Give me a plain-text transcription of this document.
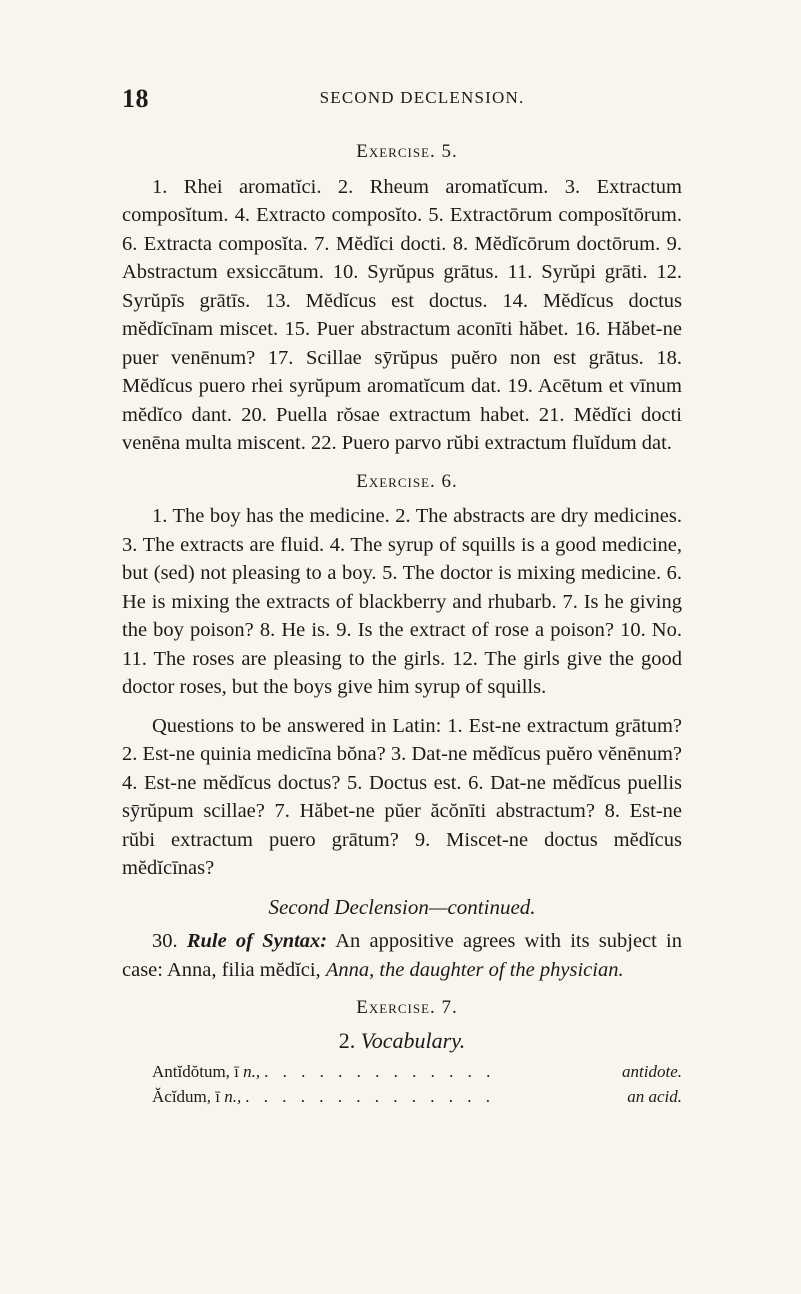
18	SECOND DECLENSION.
Exercise. 5.

1. Rhei aromatĭci. 2. Rheum aromatĭcum. 3. Extractum composĭtum. 4. Extracto composĭto. 5. Extractōrum composĭtōrum. 6. Extracta composĭta. 7. Mĕdĭci docti. 8. Mĕdĭcōrum doctōrum. 9. Abstractum exsiccātum. 10. Syrŭpus grātus. 11. Syrŭpi grāti. 12. Syrŭpīs grātīs. 13. Mĕdĭcus est doctus. 14. Mĕdĭcus doctus mĕdĭcīnam miscet. 15. Puer abstractum aconīti hăbet. 16. Hăbet-ne puer venēnum? 17. Scillae sȳrŭpus puĕro non est grātus. 18. Mĕdĭcus puero rhei syrŭpum aromatĭcum dat. 19. Acētum et vīnum mĕdĭco dant. 20. Puella rŏsae extractum habet. 21. Mĕdĭci docti venēna multa miscent. 22. Puero parvo rŭbi extractum fluĭdum dat.

Exercise. 6.

1. The boy has the medicine. 2. The abstracts are dry medicines. 3. The extracts are fluid. 4. The syrup of squills is a good medicine, but (sed) not pleasing to a boy. 5. The doctor is mixing medicine. 6. He is mixing the extracts of blackberry and rhubarb. 7. Is he giving the boy poison? 8. He is. 9. Is the extract of rose a poison? 10. No. 11. The roses are pleasing to the girls. 12. The girls give the good doctor roses, but the boys give him syrup of squills.

Questions to be answered in Latin: 1. Est-ne extractum grātum? 2. Est-ne quinia medicīna bŏna? 3. Dat-ne mĕdĭcus puĕro vĕnēnum? 4. Est-ne mĕdĭcus doctus? 5. Doctus est. 6. Dat-ne mĕdĭcus puellis sȳrŭpum scillae? 7. Hăbet-ne pŭer ăcŏnīti abstractum? 8. Est-ne rŭbi extractum puero grātum? 9. Miscet-ne doctus mĕdĭcus mĕdĭcīnas?

Second Declension—continued.

30. Rule of Syntax: An appositive agrees with its subject in case: Anna, filia mĕdĭci, Anna, the daughter of the physician.

Exercise. 7.
2. Vocabulary.
Antĭdŏtum, ī n., . . . . . . . . . . . . .	antidote.
Ăcĭdum, ī n., . . . . . . . . . . . . . .	an acid.
